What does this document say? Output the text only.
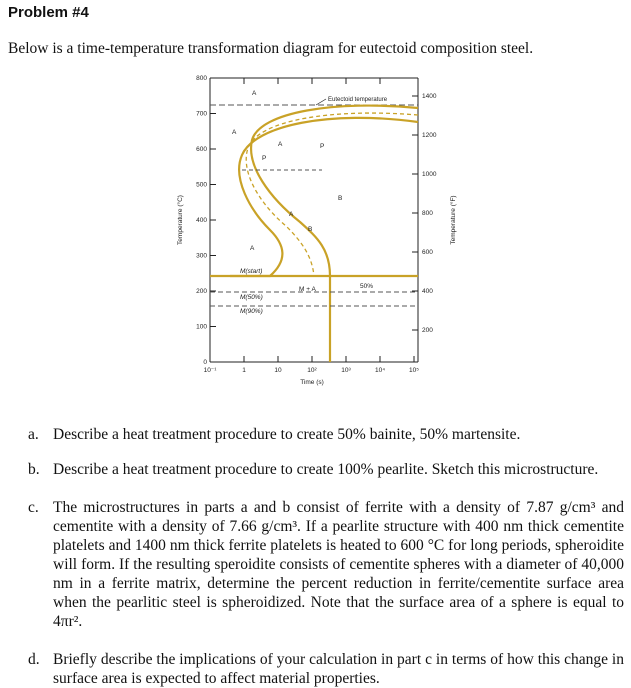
Problem #4
Below is a time-temperature transformation diagram for eutectoid composition steel.
800
700
600
500
400
300
200
100
0
1400
1200
1000
800
600
400
200
10⁻¹	1	10	10²	10³	10⁴	10⁵
Time (s)
Temperature (°C)	Temperature (°F)
Eutectoid temperature
A
A
A
P
B
A
P
A
B
M + A	50%
M(start)
M(50%)
M(90%)
a. Describe a heat treatment procedure to create 50% bainite, 50% martensite.
b. Describe a heat treatment procedure to create 100% pearlite. Sketch this microstructure.
c. The microstructures in parts a and b consist of ferrite with a density of 7.87 g/cm³ and cementite with a density of 7.66 g/cm³. If a pearlite structure with 400 nm thick cementite platelets and 1400 nm thick ferrite platelets is heated to 600 °C for long periods, spheroidite will form. If the resulting speroidite consists of cementite spheres with a diameter of 40,000 nm in a ferrite matrix, determine the percent reduction in ferrite/cementite surface area when the pearlitic steel is spheroidized. Note that the surface area of a sphere is equal to 4πr².
d. Briefly describe the implications of your calculation in part c in terms of how this change in surface area is expected to affect material properties.
